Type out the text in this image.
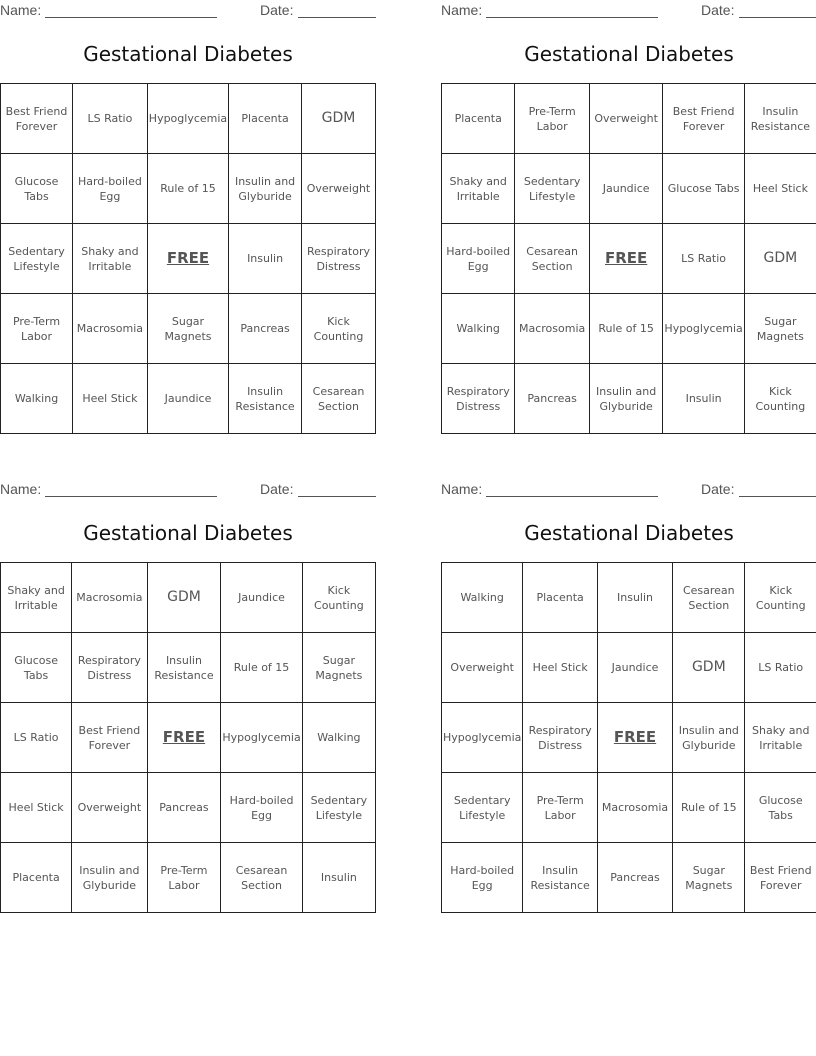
Name:	Date:
Gestational Diabetes
Best Friend Forever	LS Ratio	Hypoglycemia	Placenta	GDM
Glucose Tabs	Hard-boiled Egg	Rule of 15	Insulin and Glyburide	Overweight
Sedentary Lifestyle	Shaky and Irritable	FREE	Insulin	Respiratory Distress
Pre-Term Labor	Macrosomia	Sugar Magnets	Pancreas	Kick Counting
Walking	Heel Stick	Jaundice	Insulin Resistance	Cesarean Section
Name:	Date:
Gestational Diabetes
Placenta	Pre-Term Labor	Overweight	Best Friend Forever	Insulin Resistance
Shaky and Irritable	Sedentary Lifestyle	Jaundice	Glucose Tabs	Heel Stick
Hard-boiled Egg	Cesarean Section	FREE	LS Ratio	GDM
Walking	Macrosomia	Rule of 15	Hypoglycemia	Sugar Magnets
Respiratory Distress	Pancreas	Insulin and Glyburide	Insulin	Kick Counting
Name:	Date:
Gestational Diabetes
Shaky and Irritable	Macrosomia	GDM	Jaundice	Kick Counting
Glucose Tabs	Respiratory Distress	Insulin Resistance	Rule of 15	Sugar Magnets
LS Ratio	Best Friend Forever	FREE	Hypoglycemia	Walking
Heel Stick	Overweight	Pancreas	Hard-boiled Egg	Sedentary Lifestyle
Placenta	Insulin and Glyburide	Pre-Term Labor	Cesarean Section	Insulin
Name:	Date:
Gestational Diabetes
Walking	Placenta	Insulin	Cesarean Section	Kick Counting
Overweight	Heel Stick	Jaundice	GDM	LS Ratio
Hypoglycemia	Respiratory Distress	FREE	Insulin and Glyburide	Shaky and Irritable
Sedentary Lifestyle	Pre-Term Labor	Macrosomia	Rule of 15	Glucose Tabs
Hard-boiled Egg	Insulin Resistance	Pancreas	Sugar Magnets	Best Friend Forever
